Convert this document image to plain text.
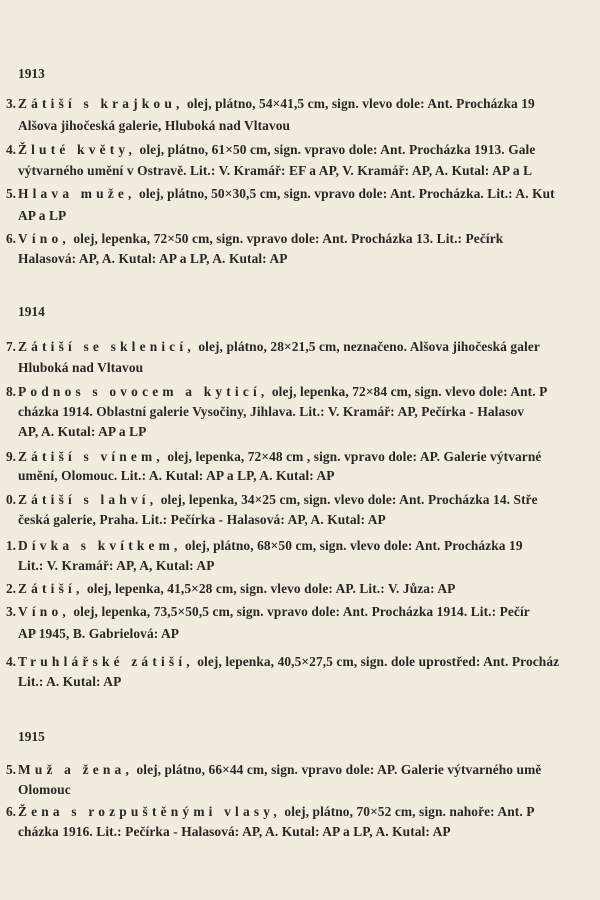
1913
3. Zátiší s krajkou, olej, plátno, 54×41,5 cm, sign. vlevo dole: Ant. Procházka 19
Alšova jihočeská galerie, Hluboká nad Vltavou
4. Žluté květy, olej, plátno, 61×50 cm, sign. vpravo dole: Ant. Procházka 1913. Gale
výtvarného umění v Ostravě. Lit.: V. Kramář: EF a AP, V. Kramář: AP, A. Kutal: AP a L
5. Hlava muže, olej, plátno, 50×30,5 cm, sign. vpravo dole: Ant. Procházka. Lit.: A. Kut
AP a LP
6. Víno, olej, lepenka, 72×50 cm, sign. vpravo dole: Ant. Procházka 13. Lit.: Pečírk
Halasová: AP, A. Kutal: AP a LP, A. Kutal: AP
1914
7. Zátiší se sklenicí, olej, plátno, 28×21,5 cm, neznačeno. Alšova jihočeská galer
Hluboká nad Vltavou
8. Podnos s ovocem a kyticí, olej, lepenka, 72×84 cm, sign. vlevo dole: Ant. P
cházka 1914. Oblastní galerie Vysočiny, Jihlava. Lit.: V. Kramář: AP, Pečírka - Halasov
AP, A. Kutal: AP a LP
9. Zátiší s vínem, olej, lepenka, 72×48 cm , sign. vpravo dole: AP. Galerie výtvarné
umění, Olomouc. Lit.: A. Kutal: AP a LP, A. Kutal: AP
0. Zátiší s lahví, olej, lepenka, 34×25 cm, sign. vlevo dole: Ant. Procházka 14. Stře
česká galerie, Praha. Lit.: Pečírka - Halasová: AP, A. Kutal: AP
1. Dívka s kvítkem, olej, plátno, 68×50 cm, sign. vlevo dole: Ant. Procházka 19
Lit.: V. Kramář: AP, A, Kutal: AP
2. Zátiší, olej, lepenka, 41,5×28 cm, sign. vlevo dole: AP. Lit.: V. Jůza: AP
3. Víno, olej, lepenka, 73,5×50,5 cm, sign. vpravo dole: Ant. Procházka 1914. Lit.: Pečír
AP 1945, B. Gabrielová: AP
4. Truhlářské zátiší, olej, lepenka, 40,5×27,5 cm, sign. dole uprostřed: Ant. Procház
Lit.: A. Kutal: AP
1915
5. Muž a žena, olej, plátno, 66×44 cm, sign. vpravo dole: AP. Galerie výtvarného umě
Olomouc
6. Žena s rozpuštěnými vlasy, olej, plátno, 70×52 cm, sign. nahoře: Ant. P
cházka 1916. Lit.: Pečírka - Halasová: AP, A. Kutal: AP a LP, A. Kutal: AP
